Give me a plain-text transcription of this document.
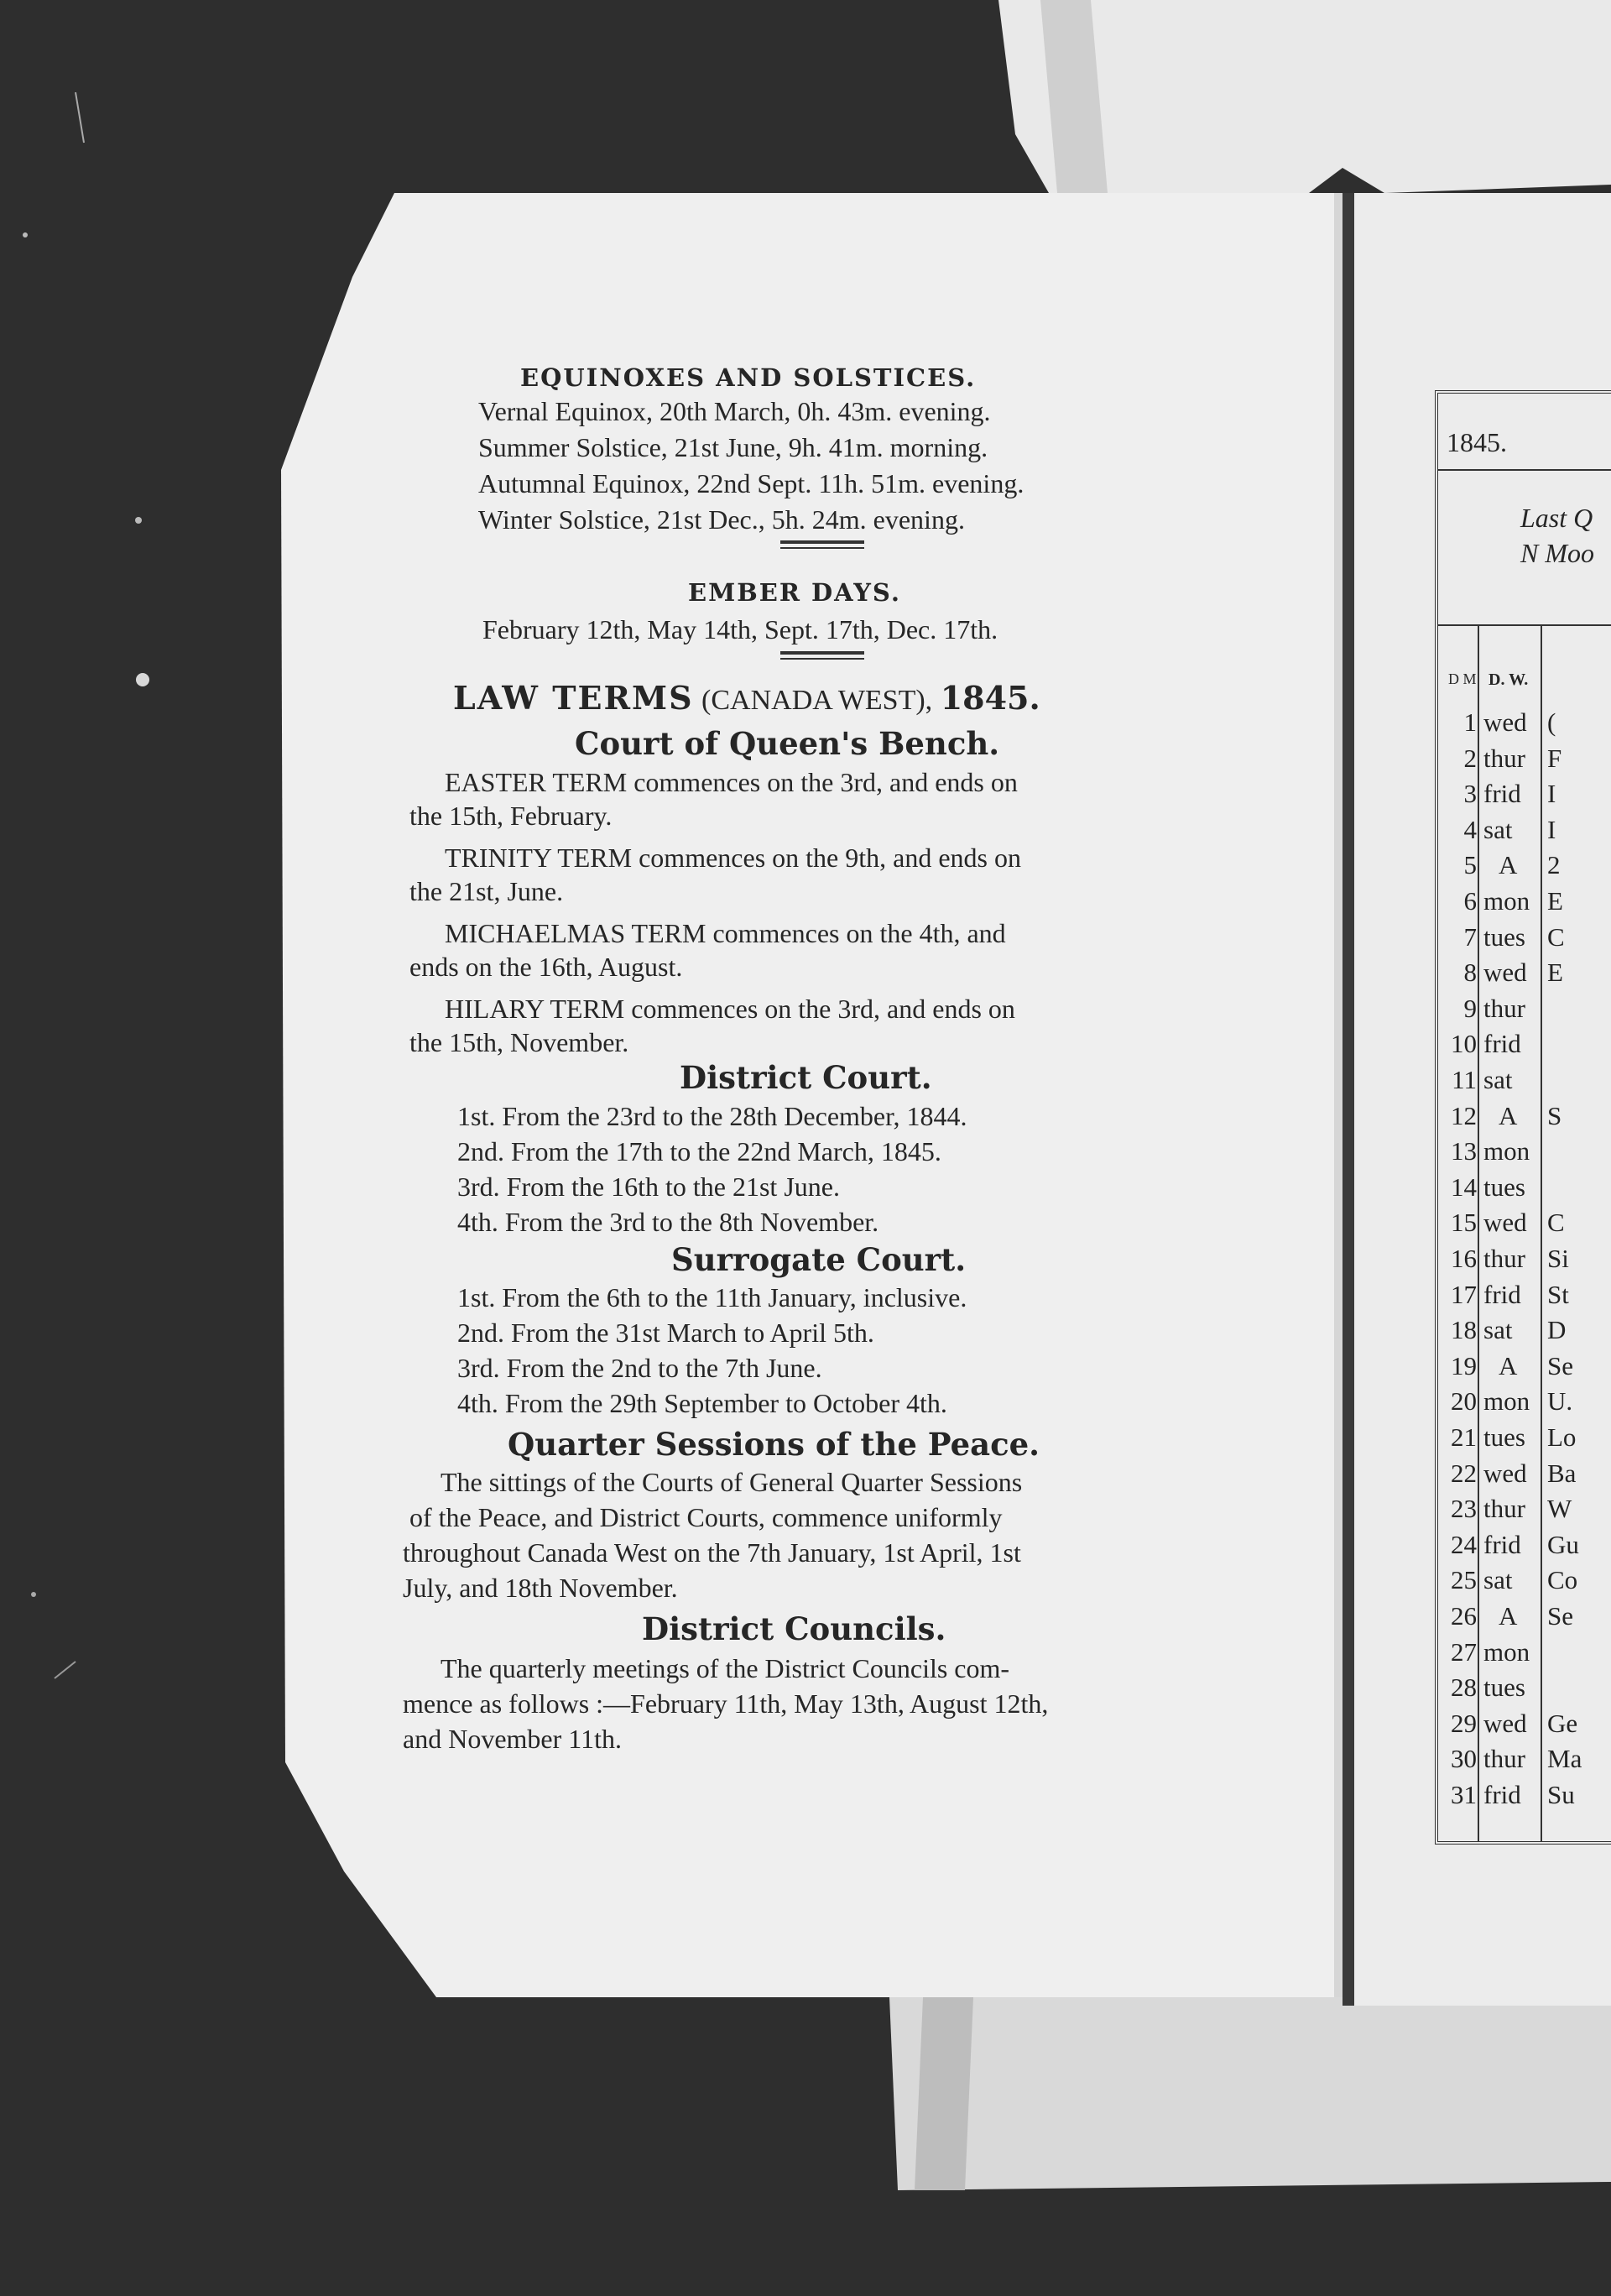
EQUINOXES AND SOLSTICES.
Vernal Equinox, 20th March, 0h. 43m. evening.
Summer Solstice, 21st June, 9h. 41m. morning.
Autumnal Equinox, 22nd Sept. 11h. 51m. evening.
Winter Solstice, 21st Dec., 5h. 24m. evening.
EMBER DAYS.
February 12th, May 14th, Sept. 17th, Dec. 17th.
LAW TERMS (CANADA WEST), 1845.
Court of Queen's Bench.
EASTER TERM commences on the 3rd, and ends on
the 15th, February.
TRINITY TERM commences on the 9th, and ends on
the 21st, June.
MICHAELMAS TERM commences on the 4th, and
ends on the 16th, August.
HILARY TERM commences on the 3rd, and ends on
the 15th, November.
District Court.
1st. From the 23rd to the 28th December, 1844.
2nd. From the 17th to the 22nd March, 1845.
3rd. From the 16th to the 21st June.
4th. From the 3rd to the 8th November.
Surrogate Court.
1st. From the 6th to the 11th January, inclusive.
2nd. From the 31st March to April 5th.
3rd. From the 2nd to the 7th June.
4th. From the 29th September to October 4th.
Quarter Sessions of the Peace.
The sittings of the Courts of General Quarter Sessions
of the Peace, and District Courts, commence uniformly
throughout Canada West on the 7th January, 1st April, 1st
July, and 18th November.
District Councils.
The quarterly meetings of the District Councils com-
mence as follows :—February 11th, May 13th, August 12th,
and November 11th.
1845.
Last Q
N Moo
D M D. W.
1 wed (
2 thur F
3 frid I
4 sat I
5 A 2
6 mon E
7 tues C
8 wed E
9 thur
10 frid
11 sat
12 A S
13 mon
14 tues
15 wed C
16 thur Si
17 frid St
18 sat D
19 A Se
20 mon U.
21 tues Lo
22 wed Ba
23 thur W
24 frid Gu
25 sat Co
26 A Se
27 mon
28 tues
29 wed Ge
30 thur Ma
31 frid Su
